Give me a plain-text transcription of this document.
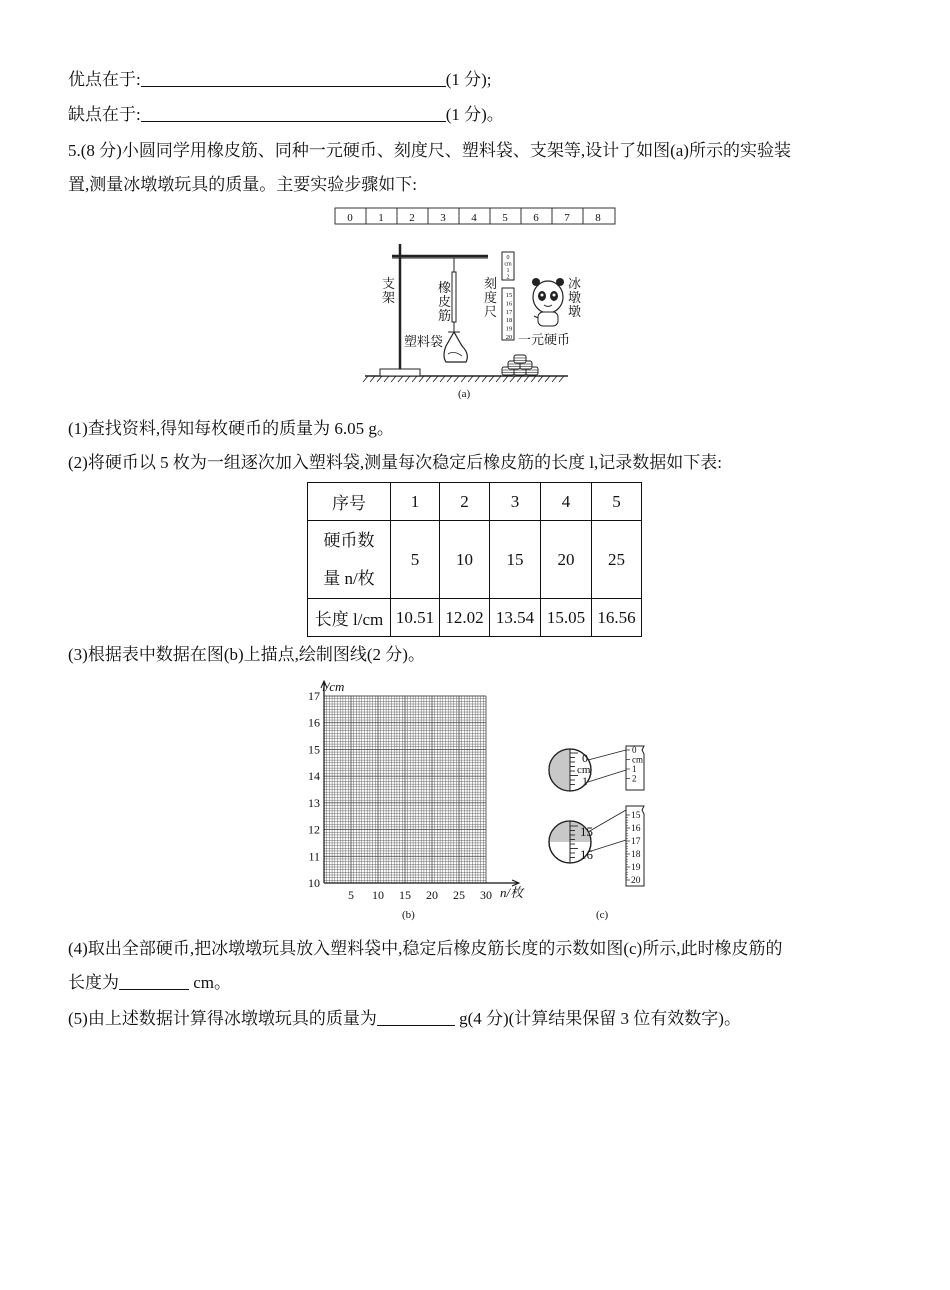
优点在于:	(1 分);
缺点在于:	(1 分)。
5.(8 分)小圆同学用橡皮筋、同种一元硬币、刻度尺、塑料袋、支架等,设计了如图(a)所示的实验装
置,测量冰墩墩玩具的质量。主要实验步骤如下:
0 1 2 3 4 5 6 7 8
支架
橡皮筋
塑料袋
0
cm
1
2
15
16
17
18
19
20
刻度尺
冰墩墩
一元硬币
(a)
(1)查找资料,得知每枚硬币的质量为 6.05 g。
(2)将硬币以 5 枚为一组逐次加入塑料袋,测量每次稳定后橡皮筋的长度 l,记录数据如下表:
序号	1	2	3	4	5
硬币数
量 n/枚	5	10	15	20	25
长度 l/cm	10.51	12.02	13.54	15.05	16.56
(3)根据表中数据在图(b)上描点,绘制图线(2 分)。
5 10 15 20 25 30
10
11
12
13
14
15
16
17
l/cm
n/枚
(b)
0
cm
1
0
cm
1
2
15
16
15
16
17
18
19
20
(c)
(4)取出全部硬币,把冰墩墩玩具放入塑料袋中,稳定后橡皮筋长度的示数如图(c)所示,此时橡皮筋的
长度为	cm。
(5)由上述数据计算得冰墩墩玩具的质量为	g(4 分)(计算结果保留 3 位有效数字)。
